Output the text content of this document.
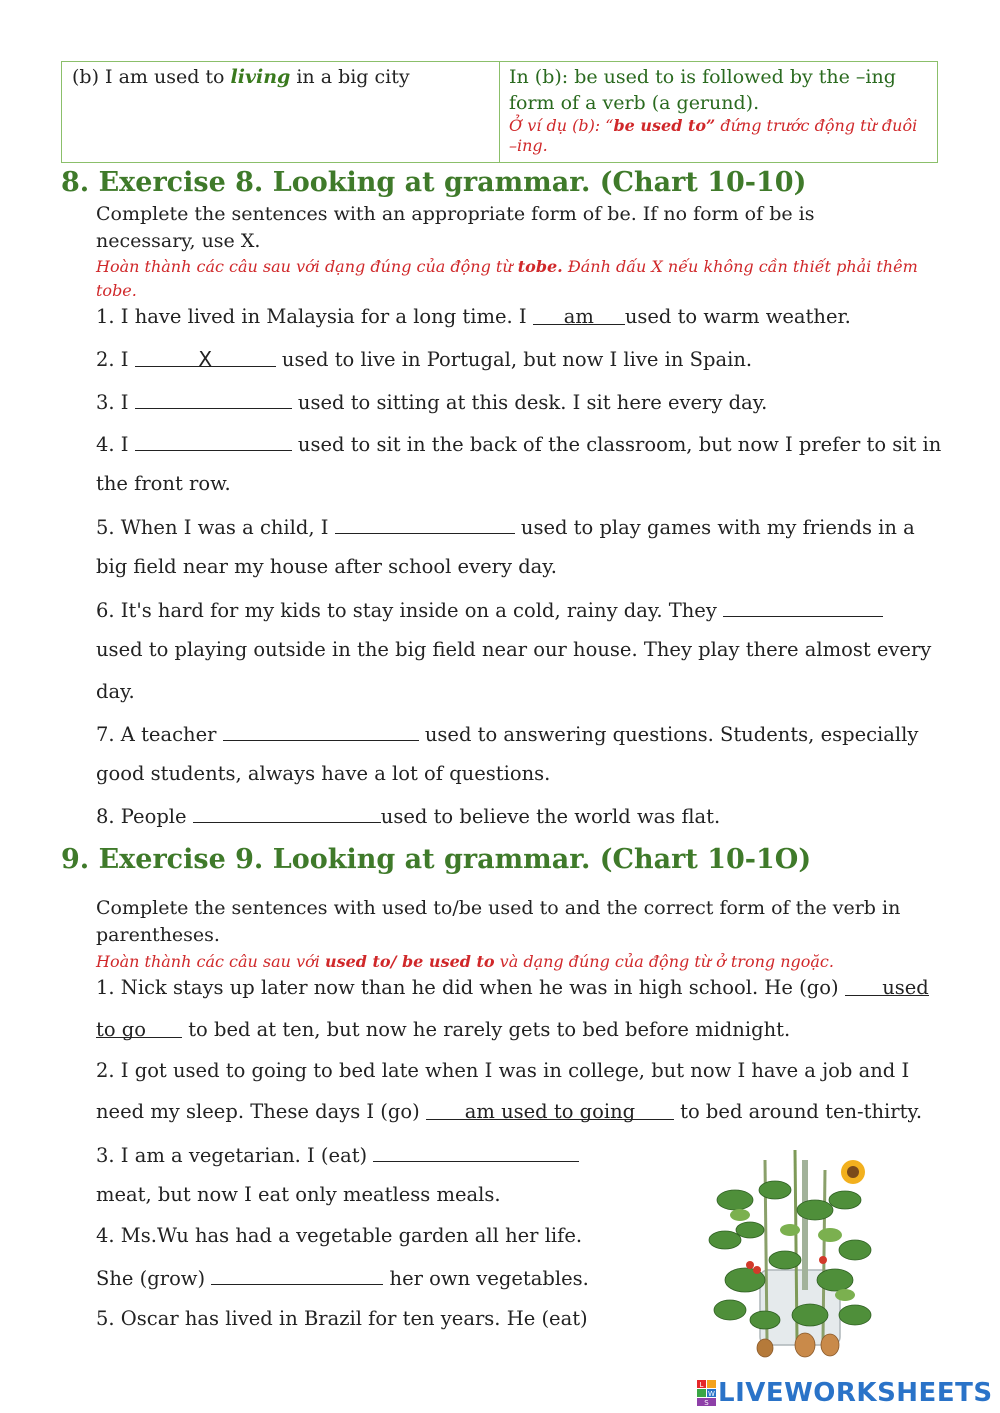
(b) I am used to living in a big city	In (b): be used to is followed by the –ing
form of a verb (a gerund).
Ở ví dụ (b): “be used to” đứng trước động từ đuôi
–ing.
8. Exercise 8. Looking at grammar. (Chart 10-10)
Complete the sentences with an appropriate form of be. If no form of be is
necessary, use X.
Hoàn thành các câu sau với dạng đúng của động từ tobe. Đánh dấu X nếu không cần thiết phải thêm
tobe.
1. I have lived in Malaysia for a long time. I am used to warm weather.
2. I	X	used to live in Portugal, but now I live in Spain.
3. I	used to sitting at this desk. I sit here every day.
4. I	used to sit in the back of the classroom, but now I prefer to sit in
the front row.
5. When I was a child, I	used to play games with my friends in a
big field near my house after school every day.
6. It's hard for my kids to stay inside on a cold, rainy day. They
used to playing outside in the big field near our house. They play there almost every
day.
7. A teacher	used to answering questions. Students, especially
good students, always have a lot of questions.
8. People	used to believe the world was flat.
9. Exercise 9. Looking at grammar. (Chart 10-1O)
Complete the sentences with used to/be used to and the correct form of the verb in
parentheses.
Hoàn thành các câu sau với used to/ be used to và dạng đúng của động từ ở trong ngoặc.
1. Nick stays up later now than he did when he was in high school. He (go) used
to go to bed at ten, but now he rarely gets to bed before midnight.
2. I got used to going to bed late when I was in college, but now I have a job and I
need my sleep. These days I (go) am used to going to bed around ten-thirty.
3. I am a vegetarian. I (eat)
meat, but now I eat only meatless meals.
4. Ms.Wu has had a vegetable garden all her life.
She (grow)	her own vegetables.
5. Oscar has lived in Brazil for ten years. He (eat)
L
W
S LIVEWORKSHEETS
